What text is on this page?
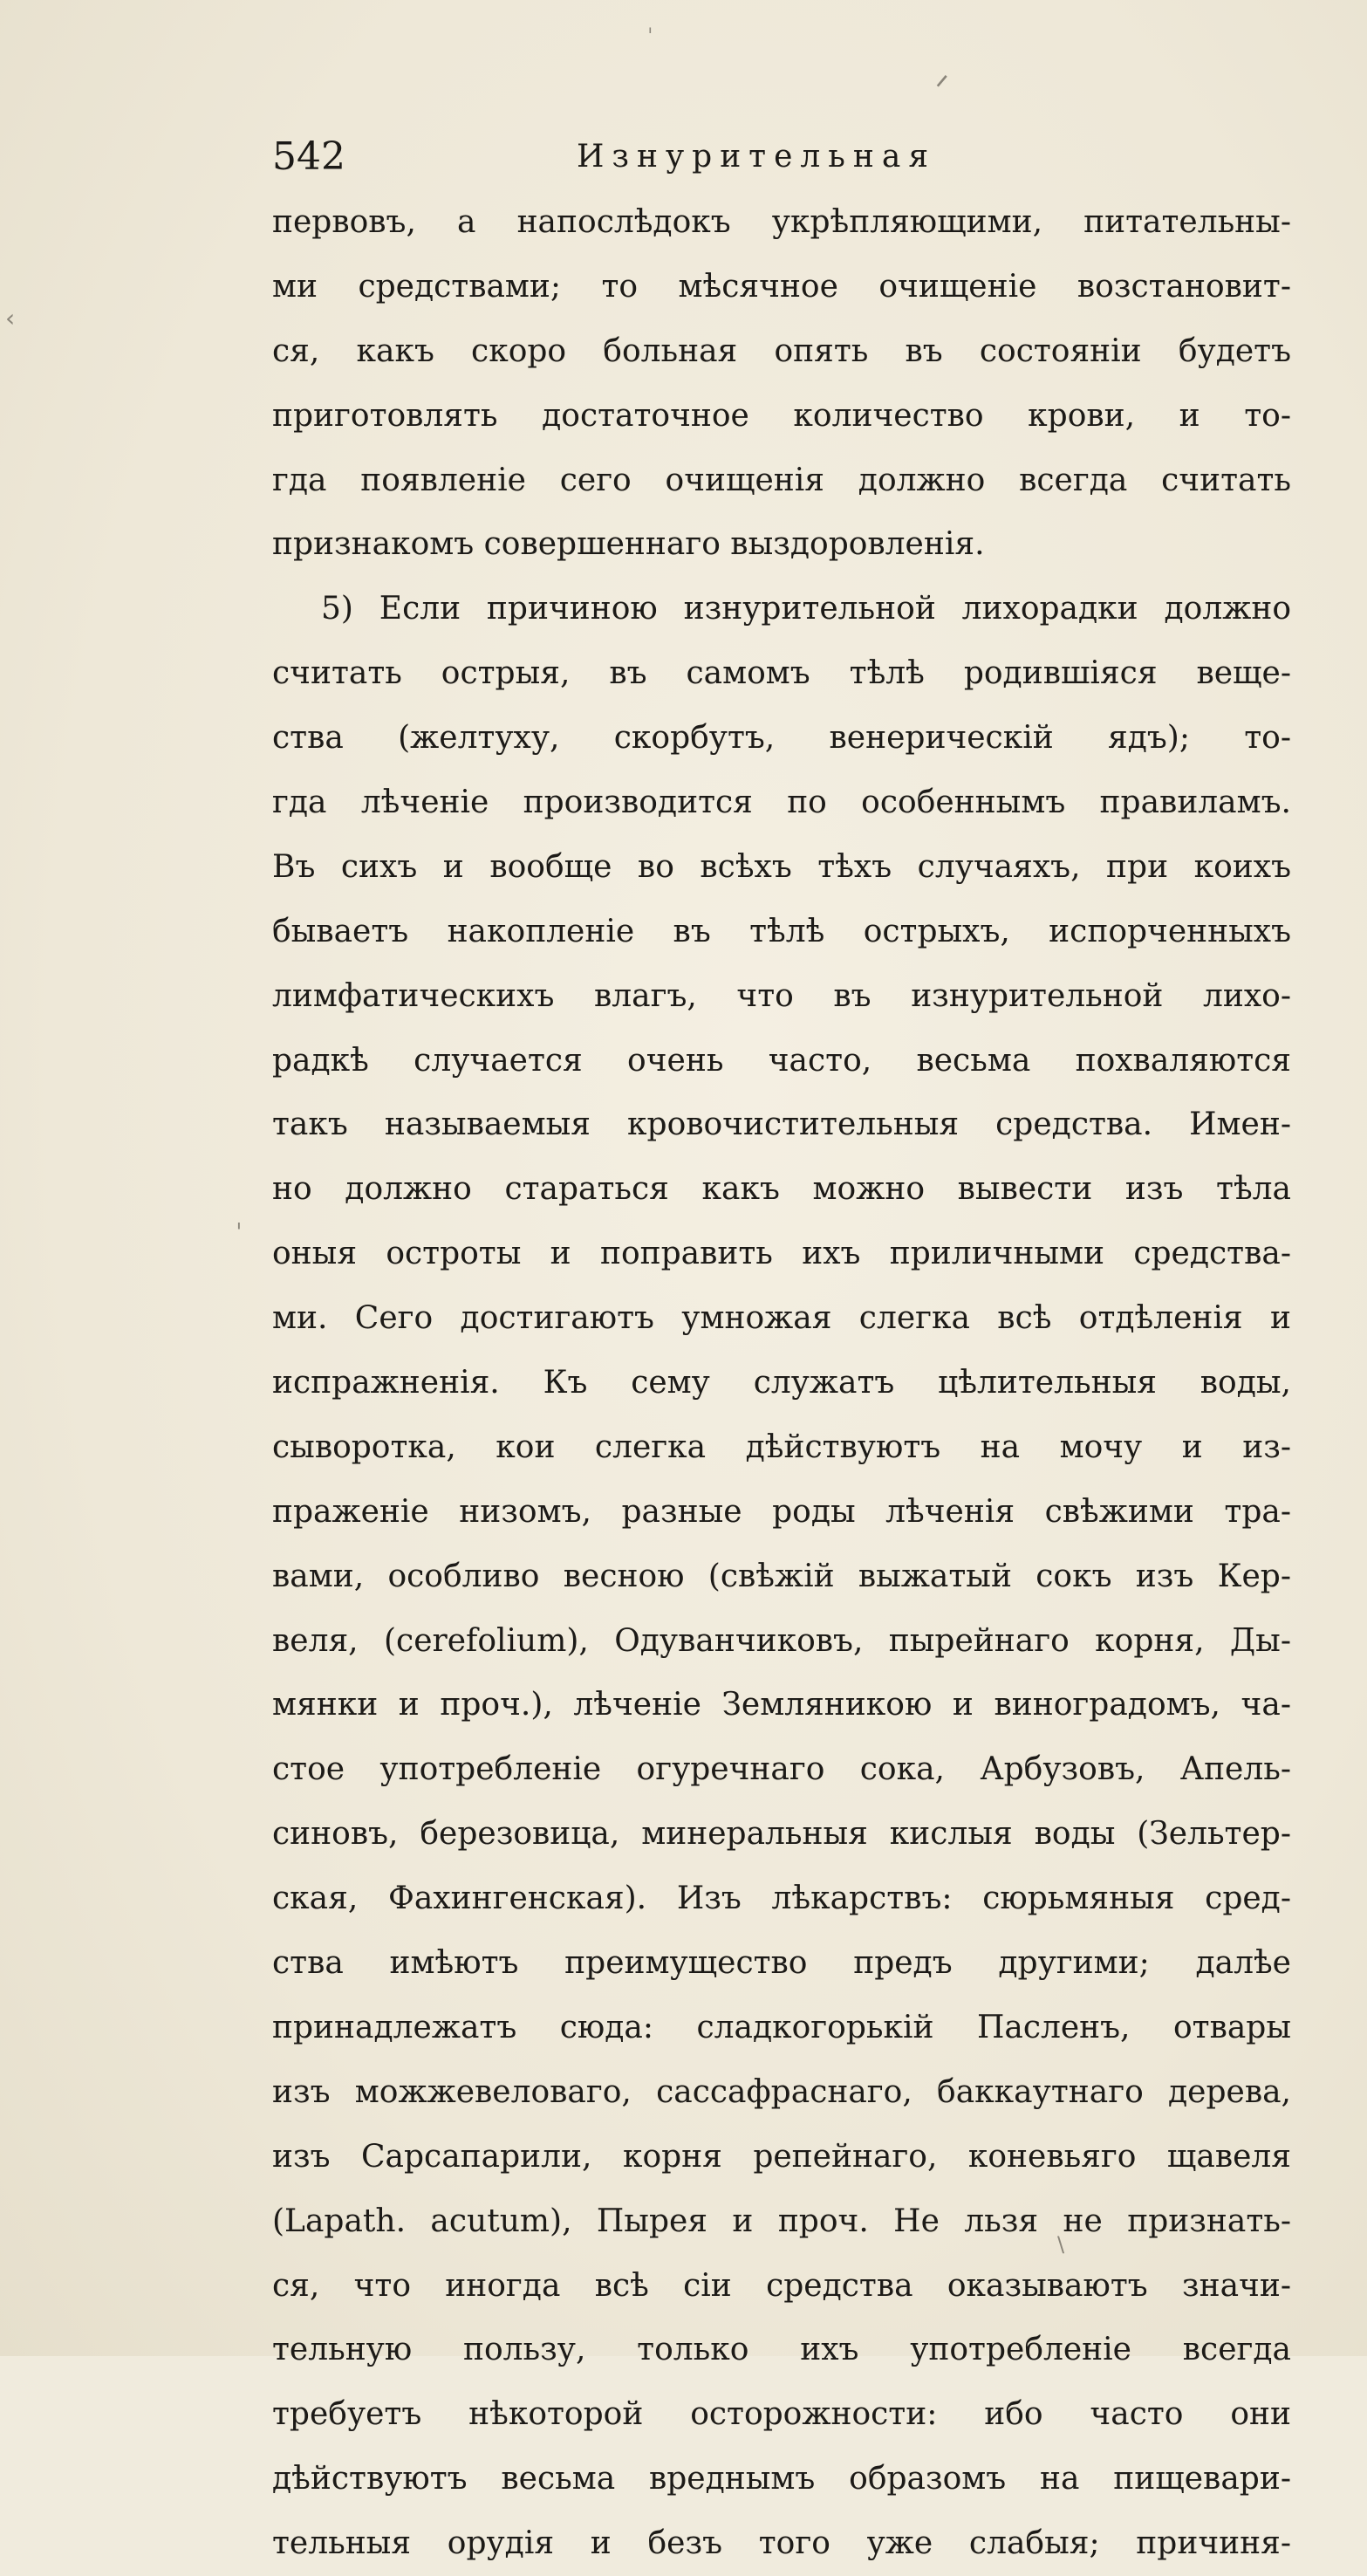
542	Изнурительная
первовъ, а напослѣдокъ укрѣпляющими, питательны-
ми средствами; то мѣсячное очищеніе возстановит-
ся, какъ скоро больная опять въ состояніи будетъ
приготовлять достаточное количество крови, и то-
гда появленіе сего очищенія должно всегда считать
признакомъ совершеннаго выздоровленія.
5) Если причиною изнурительной лихорадки должно
считать острыя, въ самомъ тѣлѣ родившіяся веще-
ства (желтуху, скорбутъ, венерическій ядъ); то-
гда лѣченіе производится по особеннымъ правиламъ.
Въ сихъ и вообще во всѣхъ тѣхъ случаяхъ, при коихъ
бываетъ накопленіе въ тѣлѣ острыхъ, испорченныхъ
лимфатическихъ влагъ, что въ изнурительной лихо-
радкѣ случается очень часто, весьма похваляются
такъ называемыя кровочистительныя средства. Имен-
но должно стараться какъ можно вывести изъ тѣла
оныя остроты и поправить ихъ приличными средства-
ми. Сего достигаютъ умножая слегка всѣ отдѣленія и
испражненія. Къ сему служатъ цѣлительныя воды,
сыворотка, кои слегка дѣйствуютъ на мочу и из-
праженіе низомъ, разные роды лѣченія свѣжими тра-
вами, особливо весною (свѣжій выжатый сокъ изъ Кер-
веля, (cerefolium), Одуванчиковъ, пырейнаго корня, Ды-
мянки и проч.), лѣченіе Земляникою и виноградомъ, ча-
стое употребленіе огуречнаго сока, Арбузовъ, Апель-
синовъ, березовица, минеральныя кислыя воды (Зельтер-
ская, Фахингенская). Изъ лѣкарствъ: сюрьмяныя сред-
ства имѣютъ преимущество предъ другими; далѣе
принадлежатъ сюда: сладкогорькій Пасленъ, отвары
изъ можжевеловаго, сассафраснаго, баккаутнаго дерева,
изъ Сарсапарили, корня репейнаго, коневьяго щавеля
(Lapath. acutum), Пырея и проч. Не льзя не признать-
ся, что иногда всѣ сіи средства оказываютъ значи-
тельную пользу, только ихъ употребленіе всегда
требуетъ нѣкоторой осторожности: ибо часто они
дѣйствуютъ весьма вреднымъ образомъ на пищевари-
тельныя орудія и безъ того уже слабыя; причиня-
ˈ
ᐟ
‹
ˈ
\
